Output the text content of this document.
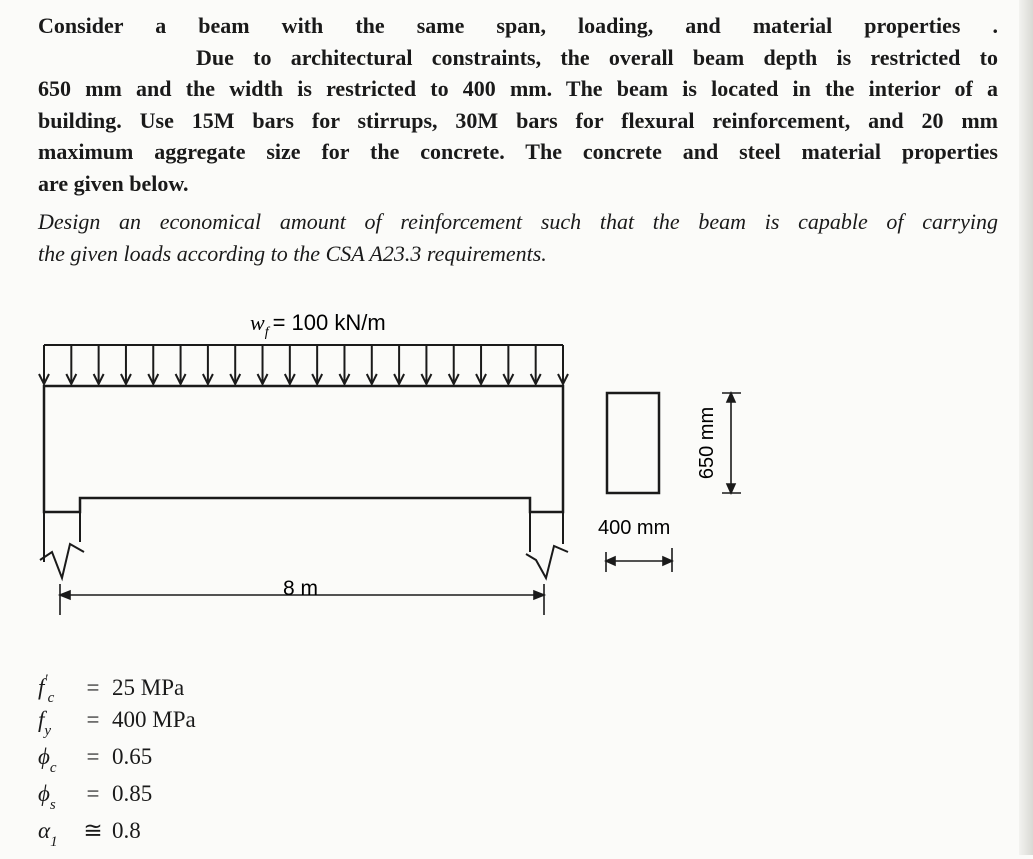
Consider a beam with the same span, loading, and material properties .
Due to architectural constraints, the overall beam depth is restricted to
650 mm and the width is restricted to 400 mm. The beam is located in the interior of a
building. Use 15M bars for stirrups, 30M bars for flexural reinforcement, and 20 mm
maximum aggregate size for the concrete. The concrete and steel material properties
are given below.
Design an economical amount of reinforcement such that the beam is capable of carrying
the given loads according to the CSA A23.3 requirements.
$w_f = 100$ kN/m
8 m
650 mm
400 mm
$f'_c$	= 25 MPa
$f_y$	= 400 MPa
$\phi_c$	= 0.65
$\phi_s$	= 0.85
$\alpha_1$	≅ 0.8
